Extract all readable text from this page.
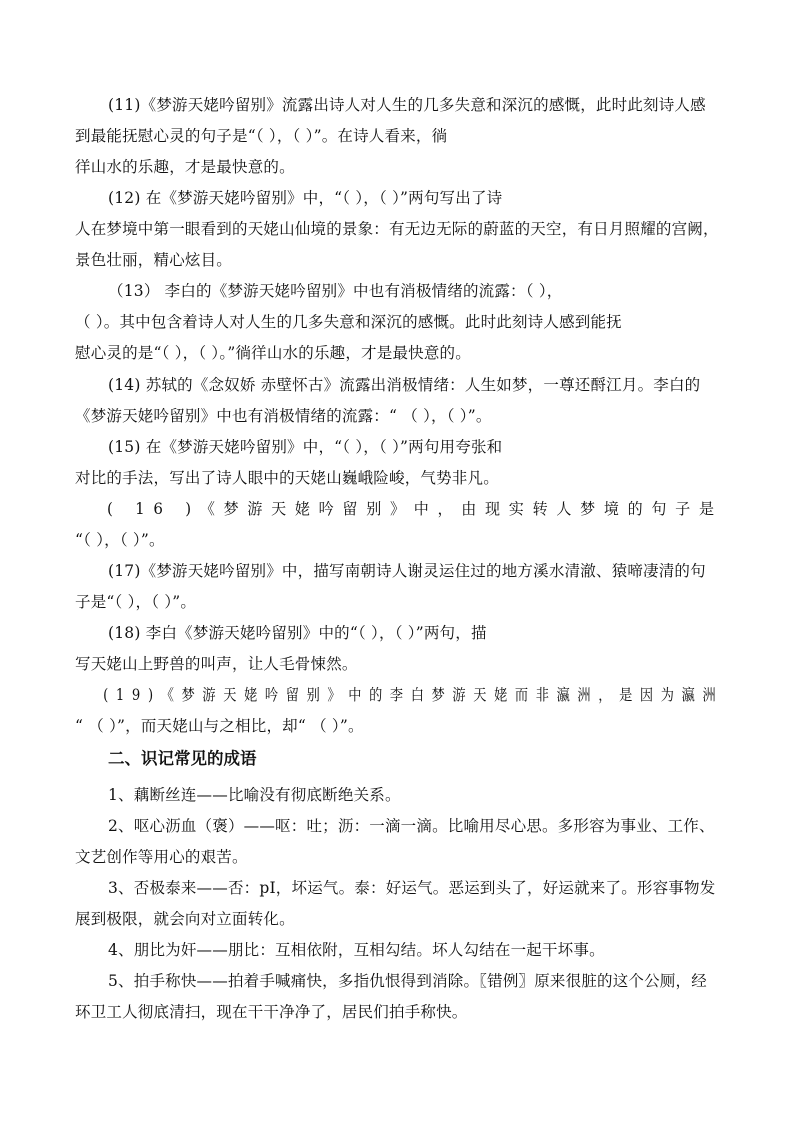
(11)《梦游天姥吟留别》流露出诗人对人生的几多失意和深沉的感慨，此时此刻诗人感
到最能抚慰心灵的句子是“（ ），（ ）”。在诗人看来，徜
徉山水的乐趣，才是最快意的。
(12) 在《梦游天姥吟留别》中，“（ ），（ ）”两句写出了诗
人在梦境中第一眼看到的天姥山仙境的景象：有无边无际的蔚蓝的天空，有日月照耀的宫阙，
景色壮丽，精心炫目。
（13） 李白的《梦游天姥吟留别》中也有消极情绪的流露：（ ），
（ ）。其中包含着诗人对人生的几多失意和深沉的感慨。此时此刻诗人感到能抚
慰心灵的是“（ ），（ ）。”徜徉山水的乐趣，才是最快意的。
(14) 苏轼的《念奴娇 赤壁怀古》流露出消极情绪：人生如梦，一尊还酹江月。李白的
《梦游天姥吟留别》中也有消极情绪的流露：“ （ ），（ ）”。
(15) 在《梦游天姥吟留别》中，“（ ），（ ）”两句用夸张和
对比的手法，写出了诗人眼中的天姥山巍峨险峻，气势非凡。
( 16 )《梦游天姥吟留别》中，由现实转人梦境的句子是
“（ ），（ ）”。
(17)《梦游天姥吟留别》中，描写南朝诗人谢灵运住过的地方溪水清澈、猿啼凄清的句
子是“（ ），（ ）”。
(18) 李白《梦游天姥吟留别》中的“（ ），（ ）”两句，描
写天姥山上野兽的叫声，让人毛骨悚然。
(19)《梦游天姥吟留别》中的李白梦游天姥而非瀛洲，是因为瀛洲
“ （ ）”，而天姥山与之相比，却“ （ ）”。
二、识记常见的成语
1、藕断丝连——比喻没有彻底断绝关系。
2、呕心沥血（褒）——呕：吐；沥：一滴一滴。比喻用尽心思。多形容为事业、工作、
文艺创作等用心的艰苦。
3、否极泰来——否：pI，坏运气。泰：好运气。恶运到头了，好运就来了。形容事物发
展到极限，就会向对立面转化。
4、朋比为奸——朋比：互相依附，互相勾结。坏人勾结在一起干坏事。
5、拍手称快——拍着手喊痛快，多指仇恨得到消除。〖错例〗原来很脏的这个公厕，经
环卫工人彻底清扫，现在干干净净了，居民们拍手称快。
